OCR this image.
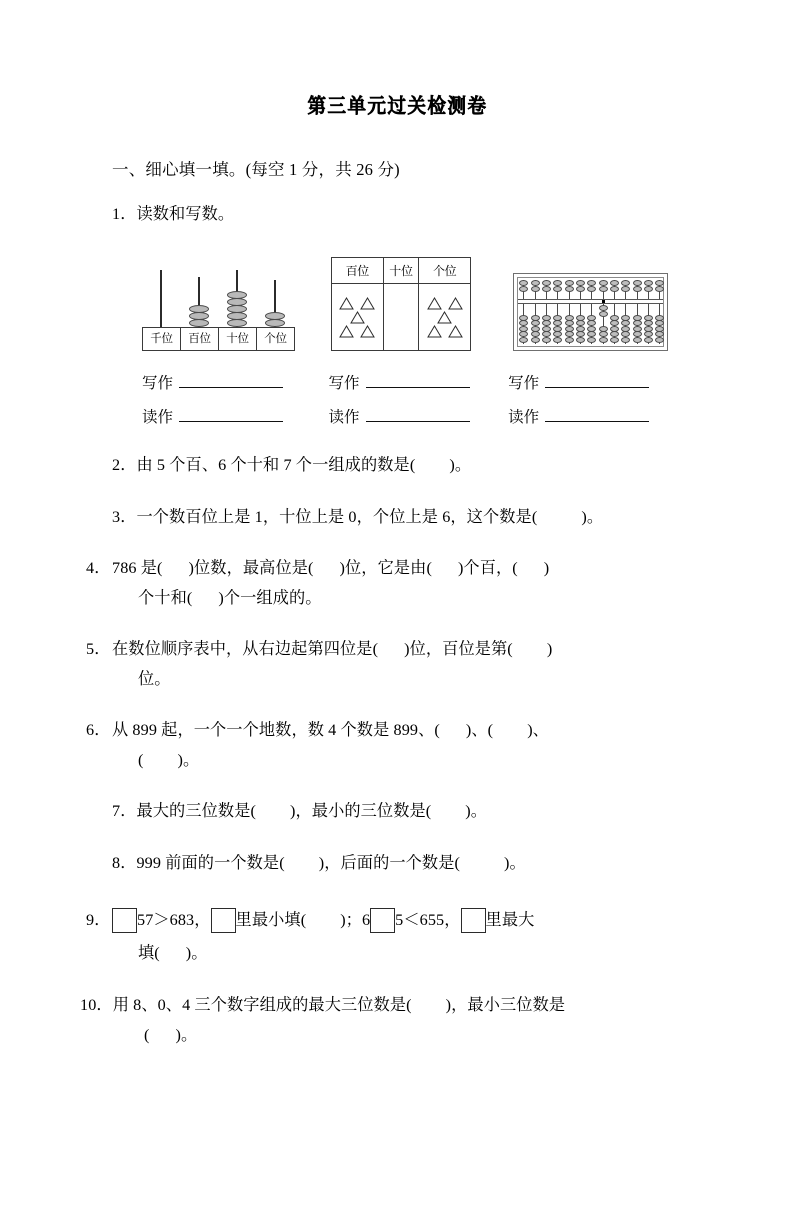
第三单元过关检测卷
一、细心填一填。(每空 1 分，共 26 分)
1．读数和写数。
千位	百位	十位	个位
百位	十位	个位

写作	写作	写作
读作	读作	读作
2．由 5 个百、6 个十和 7 个一组成的数是( )。
3．一个数百位上是 1，十位上是 0，个位上是 6，这个数是(	)。
4．786 是( )位数，最高位是( )位，它是由( )个百，( )
个十和( )个一组成的。
5．在数位顺序表中，从右边起第四位是( )位，百位是第( )
位。
6．从 899 起，一个一个地数，数 4 个数是 899、( )、( )、
( )。
7．最大的三位数是( )，最小的三位数是( )。
8．999 前面的一个数是( )，后面的一个数是(	)。
9． 57＞683， 里最小填( )；6 5＜655， 里最大
填( )。
10．用 8、0、4 三个数字组成的最大三位数是( )，最小三位数是
( )。
